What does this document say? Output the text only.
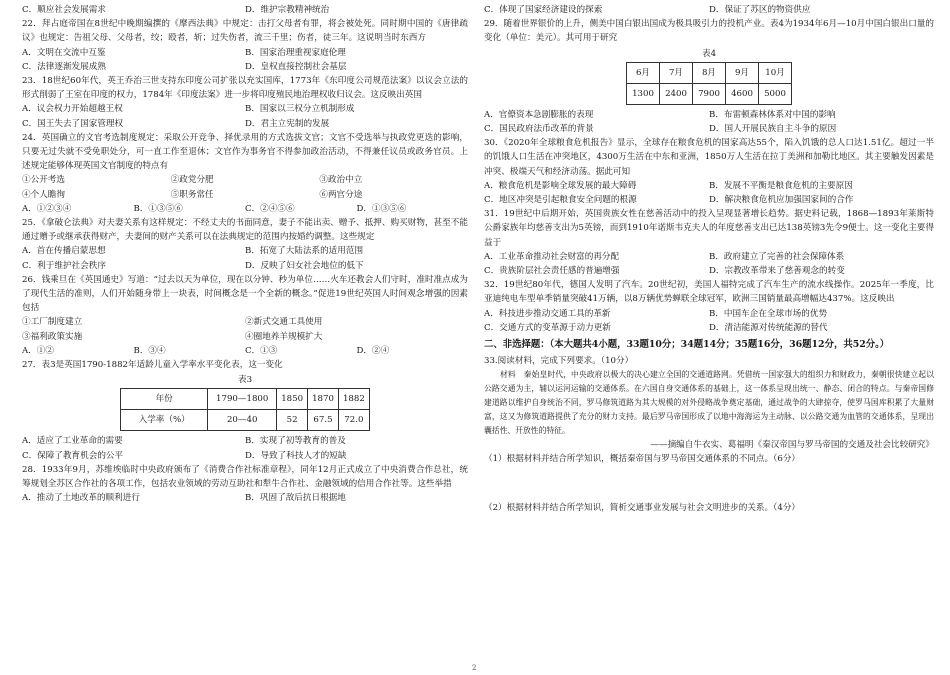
C．顺应社会发展需求	D．维护宗教精神统治

22．拜占庭帝国在8世纪中晚期编撰的《摩西法典》中规定：击打父母者有罪，将会被处死。同时期中国的《唐律疏议》也规定：告祖父母、父母者，绞；殴者，斩；过失伤者，流三千里；伤者，徒三年。这说明当时东西方

A．文明在交流中互鉴	B．国家治理重视家庭伦理
C．法律逐渐发展成熟	D．皇权直接控制社会基层

23．18世纪60年代，英王乔治三世支持东印度公司扩张以充实国库，1773年《东印度公司规范法案》以议会立法的形式削弱了王室在印度的权力，1784年《印度法案》进一步将印度殖民地治理权收归议会。这反映出英国

A．议会权力开始超越王权	B．国家以三权分立机制形成
C．国王失去了国家管理权	D．君主立宪制的发展

24．英国确立的文官考选制度规定：采取公开竞争、择优录用的方式选拔文官；文官不受选举与执政党更迭的影响，只要无过失就不受免职处分，可一直工作至退休；文官作为事务官不得参加政治活动，不得兼任议员或政务官员。上述规定能够体现英国文官制度的特点有

①公开考选	②政党分肥	③政治中立
④个人瞻徇	⑤职务常任	⑥两官分途
A．①②③④	B．①③⑤⑥	C．②④⑤⑥	D．①③⑤⑥

25．《拿破仑法典》对夫妻关系有这样规定：不经丈夫的书面同意，妻子不能出卖、赠予、抵押、购买财物，甚至不能通过赠予或继承获得财产，夫妻间的财产关系可以在法典规定的范围内按婚约调整。这些规定

A．首在传播启蒙思想	B．拓宽了大陆法系的适用范围
C．利于维护社会秩序	D．反映了妇女社会地位的低下

26．钱乘旦在《英国通史》写道：“过去以天为单位，现在以分钟、秒为单位……火车还教会人们守时，准时准点成为了现代生活的准则，人们开始随身带上一块表，时间概念是一个全新的概念。”促进19世纪英国人时间观念增强的因素包括

①工厂制度建立	②新式交通工具使用
③福利政策实施	④圈地养羊规模扩大
A．①②	B．③④	C．①③	D．②④

27．表3是英国1790-1882年适龄儿童入学率水平变化表，这一变化

表3
年份	1790—1800	1850	1870	1882
入学率（%）	20—40	52	67.5	72.0
A．适应了工业革命的需要	B．实现了初等教育的普及
C．保障了教育机会的公平	D．导致了科技人才的短缺

28．1933年9月，苏维埃临时中央政府颁布了《消费合作社标准章程》，同年12月正式成立了中央消费合作总社，统筹规划全苏区合作社的各项工作，包括农业领域的劳动互助社和犁牛合作社、金融领域的信用合作社等。这些举措

A．推动了土地改革的顺利进行	B．巩固了敌后抗日根据地
C．体现了国家经济建设的探索	D．保证了苏区的物资供应

29．随着世界银价的上升，侧美中国白银出国成为极具吸引力的投机产业。表4为1934年6月—10月中国白银出口量的变化（单位：美元）。其可用于研究

表4
6月	7月	8月	9月	10月
1300	2400	7900	4600	5000
A．官僚资本急剧膨胀的表现	B．布雷顿森林体系对中国的影响
C．国民政府法币改革的背景	D．国人开展民族自主斗争的原因

30．《2020年全球粮食危机报告》显示，全球存在粮食危机的国家高达55个，陷入饥饿的总人口达1.51亿。超过一半的饥饿人口生活在冲突地区，4300万生活在中东和亚洲，1850万人生活在拉丁美洲和加勒比地区。其主要触发因素是冲突、极端天气和经济动荡。据此可知

A．粮食危机是影响全球发展的最大障碍	B．发展不平衡是粮食危机的主要原因
C．地区冲突是引起粮食安全问题的根源	D．解决粮食危机应加强国家间的合作

31．19世纪中后期开始，英国贵族女性在慈善活动中的投入呈现显著增长趋势。据史料记载，1868—1893年莱斯特公爵家族年均慈善支出为5英镑，而到1910年诺斯韦克夫人的年度慈善支出已达138英镑3先令9便士。这一变化主要得益于

A．工业革命推动社会财富的再分配	B．政府建立了完善的社会保障体系
C．贵族阶层社会责任感的普遍增强	D．宗教改革带来了慈善观念的转变

32．19世纪80年代，德国人发明了汽车。20世纪初，美国人福特完成了汽车生产的流水线操作。2025年一季度，比亚迪纯电车型单季销量突破41万辆，以8万辆优势蝉联全球冠军，欧洲三国销量最高增幅达437%。这反映出

A．科技进步推动交通工具的革新	B．中国车企在全球市场的优势
C．交通方式的变革源于动力更新	D．清洁能源对传统能源的替代
二、非选择题：（本大题共4小题，33题10分；34题14分；35题16分，36题12分，共52分。）

33.阅读材料，完成下列要求。（10分）

材料　秦始皇时代，中央政府以极大的决心建立全国的交通道路网。凭借统一国家强大的组织力和财政力，秦朝很快建立起以公路交通为主，辅以运河运输的交通体系。在六国自身交通体系的基础上，这一体系呈现出统一、静态、闭合的特点。与秦帝国修建道路以维护自身统治不同，罗马修筑道路为其大规模的对外侵略战争奠定基础，通过战争的大肆掠夺，使罗马国库积累了大量财富，这又为修筑道路提供了充分的财力支持。最后罗马帝国形成了以地中海海运为主动脉、以公路交通为血管的交通体系，呈现出囊括性、开放性的特征。

——摘编自牛衣实、葛福明《秦汉帝国与罗马帝国的交通及社会比较研究》

（1）根据材料并结合所学知识，概括秦帝国与罗马帝国交通体系的不同点。（6分）

（2）根据材料并结合所学知识，简析交通事业发展与社会文明进步的关系。（4分）

2
